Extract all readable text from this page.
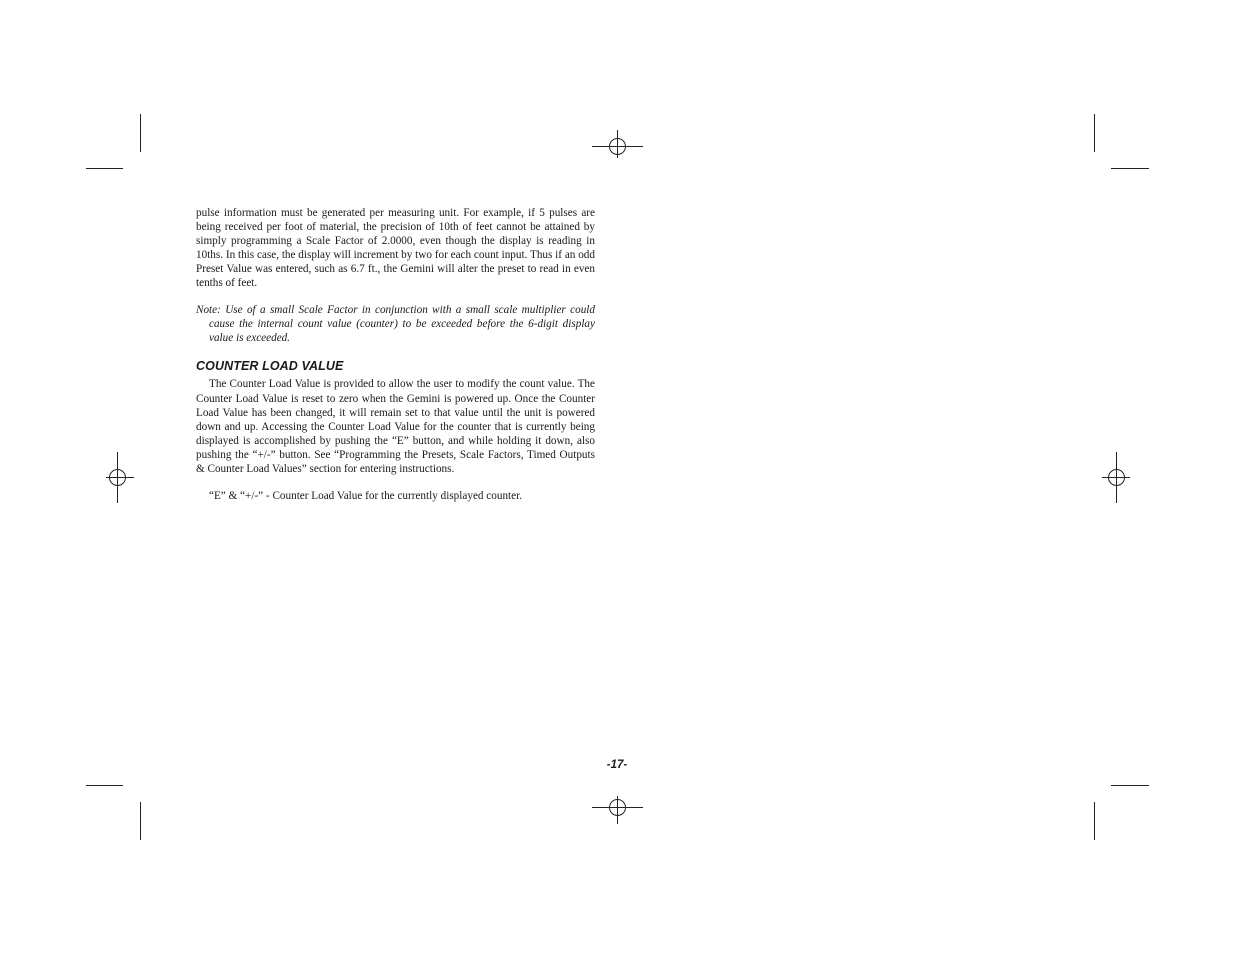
pulse information must be generated per measuring unit. For example, if 5 pulses are being received per foot of material, the precision of 10th of feet cannot be attained by simply programming a Scale Factor of 2.0000, even though the display is reading in 10ths. In this case, the display will increment by two for each count input. Thus if an odd Preset Value was entered, such as 6.7 ft., the Gemini will alter the preset to read in even tenths of feet.

Note: Use of a small Scale Factor in conjunction with a small scale multiplier could cause the internal count value (counter) to be exceeded before the 6-digit display value is exceeded.

COUNTER LOAD VALUE

The Counter Load Value is provided to allow the user to modify the count value. The Counter Load Value is reset to zero when the Gemini is powered up. Once the Counter Load Value has been changed, it will remain set to that value until the unit is powered down and up. Accessing the Counter Load Value for the counter that is currently being displayed is accomplished by pushing the “E” button, and while holding it down, also pushing the “+/-” button. See “Programming the Presets, Scale Factors, Timed Outputs & Counter Load Values” section for entering instructions.

“E” & “+/-” - Counter Load Value for the currently displayed counter.

-17-
